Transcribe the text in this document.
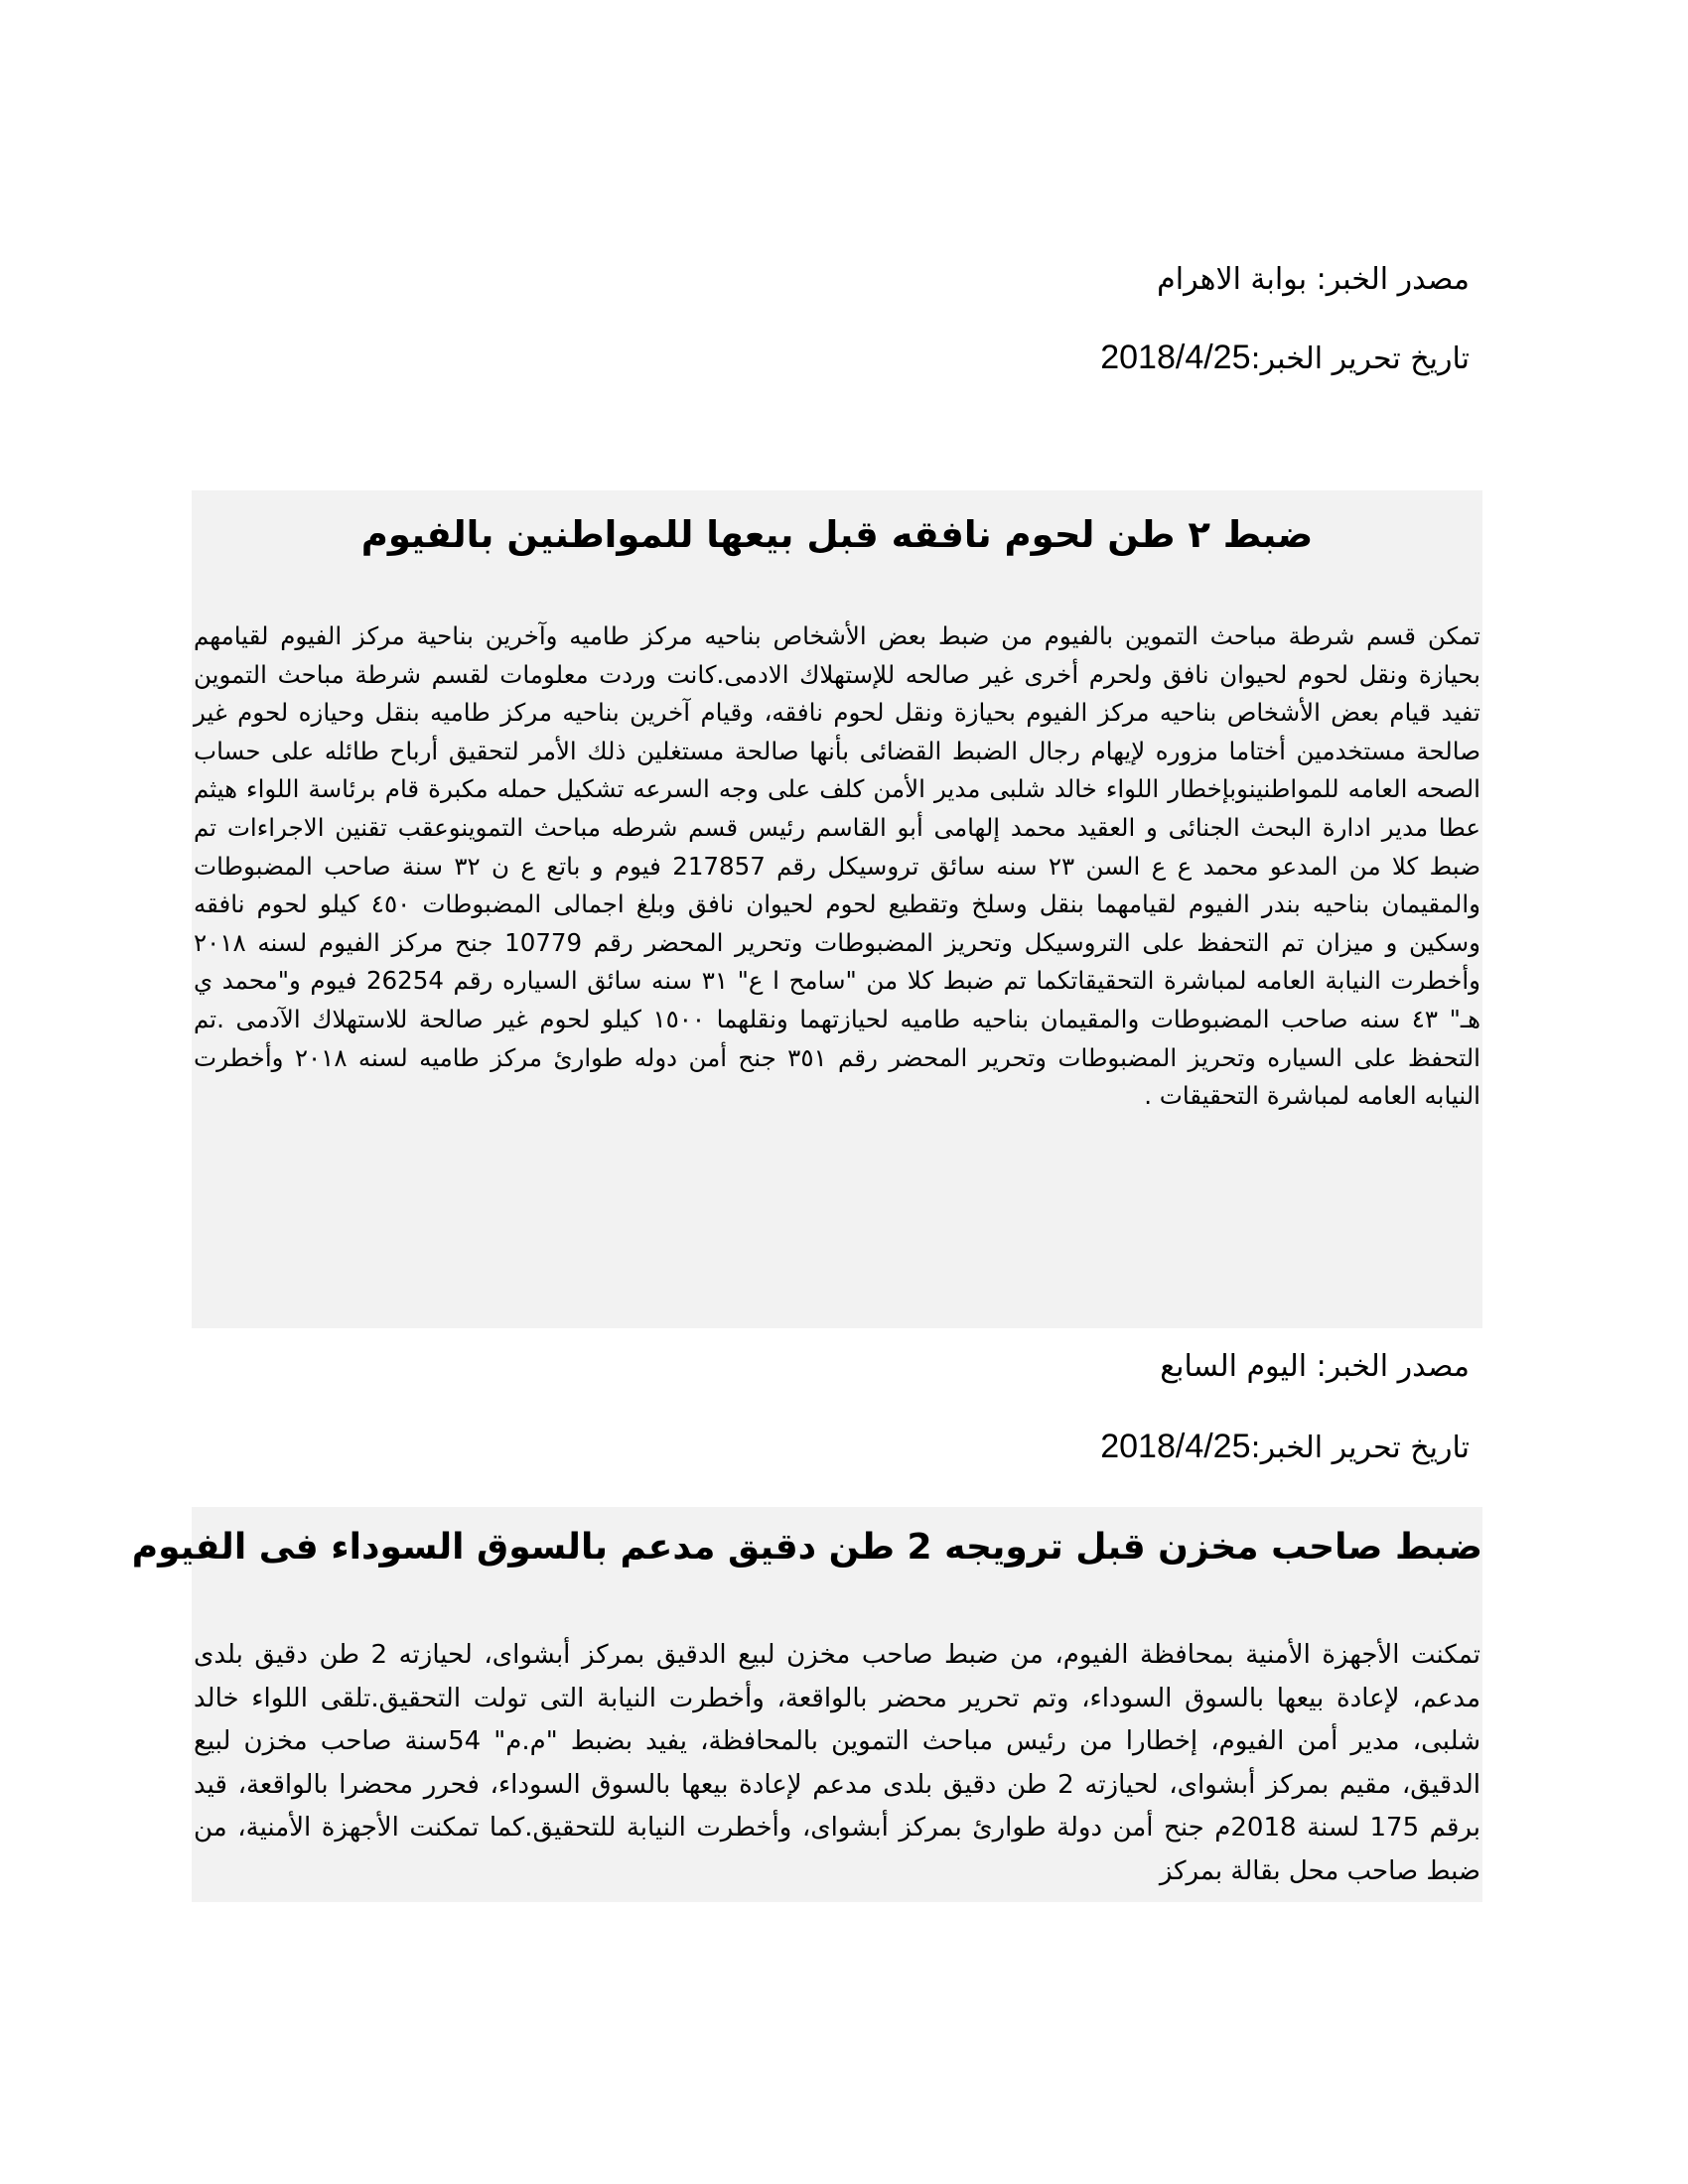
مصدر الخبر: بوابة الاهرام
تاريخ تحرير الخبر:2018/4/25
ضبط ٢ طن لحوم نافقه قبل بيعها للمواطنين بالفيوم

تمكن قسم شرطة مباحث التموين بالفيوم من ضبط بعض الأشخاص بناحيه مركز طاميه وآخرين بناحية مركز الفيوم لقيامهم بحيازة ونقل لحوم لحيوان نافق ولحرم أخرى غير صالحه للإستهلاك الادمى.كانت وردت معلومات لقسم شرطة مباحث التموين تفيد قيام بعض الأشخاص بناحيه مركز الفيوم بحيازة ونقل لحوم نافقه، وقيام آخرين بناحيه مركز طاميه بنقل وحيازه لحوم غير صالحة مستخدمين أختاما مزوره لإيهام رجال الضبط القضائى بأنها صالحة مستغلين ذلك الأمر لتحقيق أرباح طائله على حساب الصحه العامه للمواطنينوبإخطار اللواء خالد شلبى مدير الأمن كلف على وجه السرعه تشكيل حمله مكبرة قام برئاسة اللواء هيثم عطا مدير ادارة البحث الجنائى و العقيد محمد إلهامى أبو القاسم رئيس قسم شرطه مباحث التموينوعقب تقنين الاجراءات تم ضبط كلا من المدعو محمد ع ع السن ٢٣ سنه سائق تروسيكل رقم 217857 فيوم و باتع ع ن ٣٢ سنة صاحب المضبوطات والمقيمان بناحيه بندر الفيوم لقيامهما بنقل وسلخ وتقطيع لحوم لحيوان نافق وبلغ اجمالى المضبوطات ٤٥٠ كيلو لحوم نافقه وسكين و ميزان تم التحفظ على التروسيكل وتحريز المضبوطات وتحرير المحضر رقم 10779 جنح مركز الفيوم لسنه ٢٠١٨ وأخطرت النيابة العامه لمباشرة التحقيقاتكما تم ضبط كلا من "سامح ا ع" ٣١ سنه سائق السياره رقم 26254 فيوم و"محمد ي هـ" ٤٣ سنه صاحب المضبوطات والمقيمان بناحيه طاميه لحيازتهما ونقلهما ١٥٠٠ كيلو لحوم غير صالحة للاستهلاك الآدمى .تم التحفظ على السياره وتحريز المضبوطات وتحرير المحضر رقم ٣٥١ جنح أمن دوله طوارئ مركز طاميه لسنه ٢٠١٨ وأخطرت النيابه العامه لمباشرة التحقيقات .

مصدر الخبر: اليوم السابع
تاريخ تحرير الخبر:2018/4/25
ضبط صاحب مخزن قبل ترويجه 2 طن دقيق مدعم بالسوق السوداء فى الفيوم

تمكنت الأجهزة الأمنية بمحافظة الفيوم، من ضبط صاحب مخزن لبيع الدقيق بمركز أبشواى، لحيازته 2 طن دقيق بلدى مدعم، لإعادة بيعها بالسوق السوداء، وتم تحرير محضر بالواقعة، وأخطرت النيابة التى تولت التحقيق.تلقى اللواء خالد شلبى، مدير أمن الفيوم، إخطارا من رئيس مباحث التموين بالمحافظة، يفيد بضبط "م.م" 54سنة صاحب مخزن لبيع الدقيق، مقيم بمركز أبشواى، لحيازته 2 طن دقيق بلدى مدعم لإعادة بيعها بالسوق السوداء، فحرر محضرا بالواقعة، قيد برقم 175 لسنة 2018م جنح أمن دولة طوارئ بمركز أبشواى، وأخطرت النيابة للتحقيق.كما تمكنت الأجهزة الأمنية، من ضبط صاحب محل بقالة بمركز
